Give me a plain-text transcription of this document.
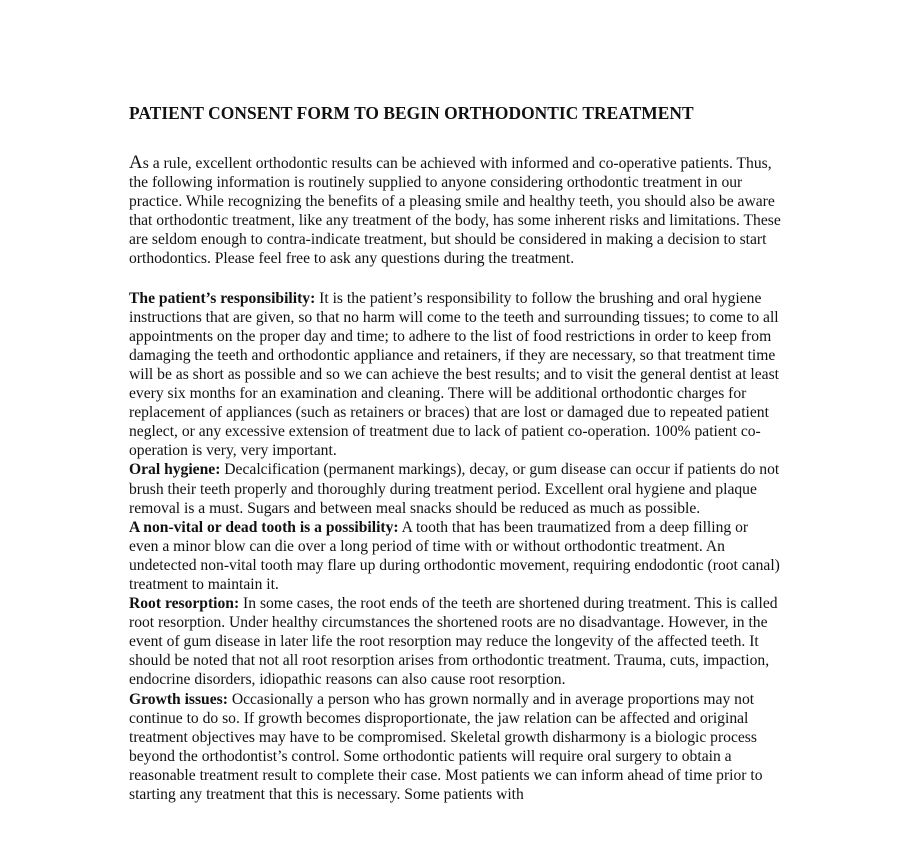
PATIENT CONSENT FORM TO BEGIN ORTHODONTIC TREATMENT

As a rule, excellent orthodontic results can be achieved with informed and co-operative patients. Thus, the following information is routinely supplied to anyone considering orthodontic treatment in our practice. While recognizing the benefits of a pleasing smile and healthy teeth, you should also be aware that orthodontic treatment, like any treatment of the body, has some inherent risks and limitations. These are seldom enough to contra-indicate treatment, but should be considered in making a decision to start orthodontics. Please feel free to ask any questions during the treatment.

The patient’s responsibility: It is the patient’s responsibility to follow the brushing and oral hygiene instructions that are given, so that no harm will come to the teeth and surrounding tissues; to come to all appointments on the proper day and time; to adhere to the list of food restrictions in order to keep from damaging the teeth and orthodontic appliance and retainers, if they are necessary, so that treatment time will be as short as possible and so we can achieve the best results; and to visit the general dentist at least every six months for an examination and cleaning. There will be additional orthodontic charges for replacement of appliances (such as retainers or braces) that are lost or damaged due to repeated patient neglect, or any excessive extension of treatment due to lack of patient co-operation. 100% patient co-operation is very, very important.

Oral hygiene: Decalcification (permanent markings), decay, or gum disease can occur if patients do not brush their teeth properly and thoroughly during treatment period. Excellent oral hygiene and plaque removal is a must. Sugars and between meal snacks should be reduced as much as possible.

A non-vital or dead tooth is a possibility: A tooth that has been traumatized from a deep filling or even a minor blow can die over a long period of time with or without orthodontic treatment. An undetected non-vital tooth may flare up during orthodontic movement, requiring endodontic (root canal) treatment to maintain it.

Root resorption: In some cases, the root ends of the teeth are shortened during treatment. This is called root resorption. Under healthy circumstances the shortened roots are no disadvantage. However, in the event of gum disease in later life the root resorption may reduce the longevity of the affected teeth. It should be noted that not all root resorption arises from orthodontic treatment. Trauma, cuts, impaction, endocrine disorders, idiopathic reasons can also cause root resorption.

Growth issues: Occasionally a person who has grown normally and in average proportions may not continue to do so. If growth becomes disproportionate, the jaw relation can be affected and original treatment objectives may have to be compromised. Skeletal growth disharmony is a biologic process beyond the orthodontist’s control. Some orthodontic patients will require oral surgery to obtain a reasonable treatment result to complete their case. Most patients we can inform ahead of time prior to starting any treatment that this is necessary. Some patients with
